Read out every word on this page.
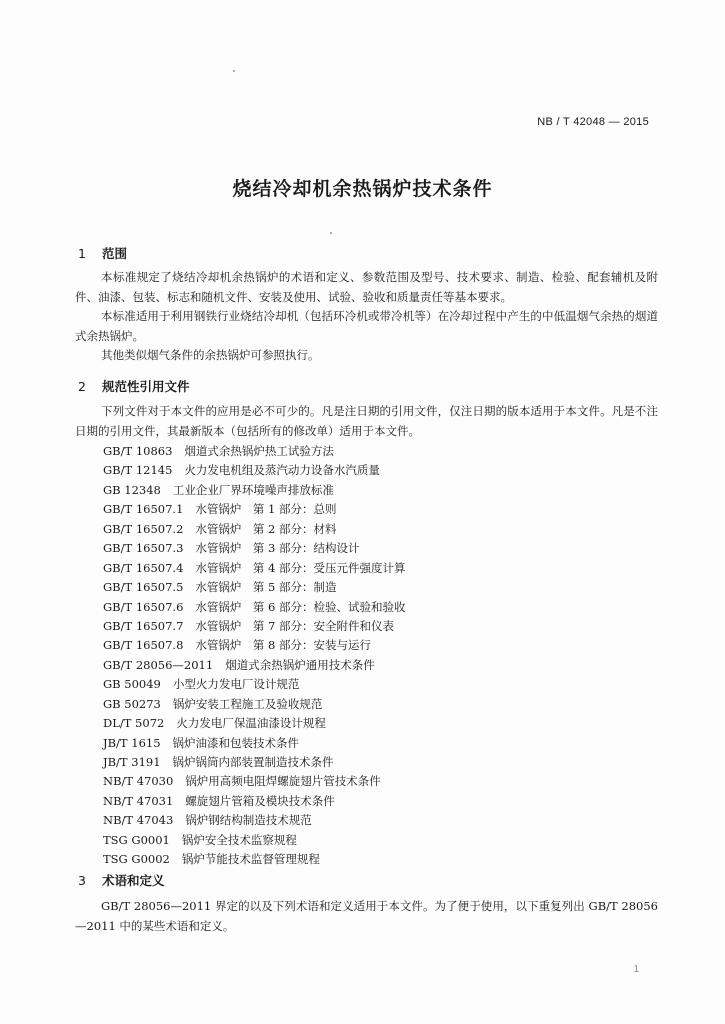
NB / T 42048 — 2015
烧结冷却机余热锅炉技术条件
1 范围
本标准规定了烧结冷却机余热锅炉的术语和定义、参数范围及型号、技术要求、制造、检验、配套辅机及附件、油漆、包装、标志和随机文件、安装及使用、试验、验收和质量责任等基本要求。
本标准适用于利用钢铁行业烧结冷却机（包括环冷机或带冷机等）在冷却过程中产生的中低温烟气余热的烟道式余热锅炉。
其他类似烟气条件的余热锅炉可参照执行。
2 规范性引用文件
下列文件对于本文件的应用是必不可少的。凡是注日期的引用文件，仅注日期的版本适用于本文件。凡是不注日期的引用文件，其最新版本（包括所有的修改单）适用于本文件。
GB/T 10863 烟道式余热锅炉热工试验方法
GB/T 12145 火力发电机组及蒸汽动力设备水汽质量
GB 12348 工业企业厂界环境噪声排放标准
GB/T 16507.1 水管锅炉　第 1 部分：总则
GB/T 16507.2 水管锅炉　第 2 部分：材料
GB/T 16507.3 水管锅炉　第 3 部分：结构设计
GB/T 16507.4 水管锅炉　第 4 部分：受压元件强度计算
GB/T 16507.5 水管锅炉　第 5 部分：制造
GB/T 16507.6 水管锅炉　第 6 部分：检验、试验和验收
GB/T 16507.7 水管锅炉　第 7 部分：安全附件和仪表
GB/T 16507.8 水管锅炉　第 8 部分：安装与运行
GB/T 28056—2011 烟道式余热锅炉通用技术条件
GB 50049 小型火力发电厂设计规范
GB 50273 锅炉安装工程施工及验收规范
DL/T 5072 火力发电厂保温油漆设计规程
JB/T 1615 锅炉油漆和包装技术条件
JB/T 3191 锅炉锅筒内部装置制造技术条件
NB/T 47030 锅炉用高频电阻焊螺旋翅片管技术条件
NB/T 47031 螺旋翅片管箱及模块技术条件
NB/T 47043 锅炉钢结构制造技术规范
TSG G0001 锅炉安全技术监察规程
TSG G0002 锅炉节能技术监督管理规程
3 术语和定义
GB/T 28056—2011 界定的以及下列术语和定义适用于本文件。为了便于使用，以下重复列出 GB/T 28056—2011 中的某些术语和定义。
1
